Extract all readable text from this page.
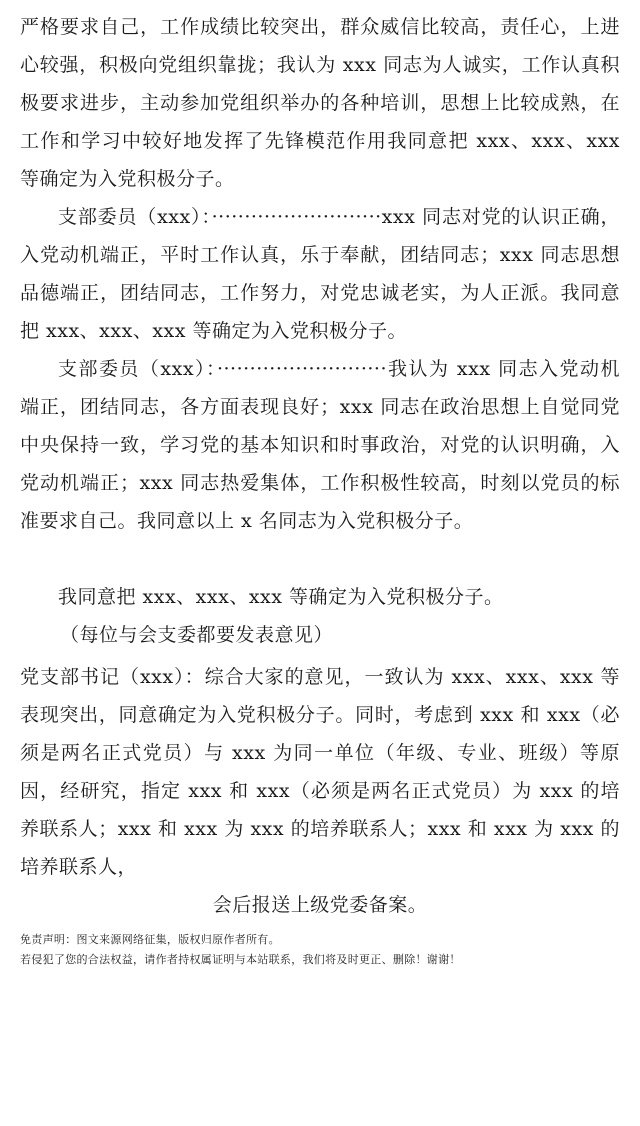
严格要求自己，工作成绩比较突出，群众威信比较高，责任心，上进心较强，积极向党组织靠拢；我认为 xxx 同志为人诚实，工作认真积极要求进步，主动参加党组织举办的各种培训，思想上比较成熟，在工作和学习中较好地发挥了先锋模范作用我同意把 xxx、xxx、xxx 等确定为入党积极分子。

支部委员（xxx）：··························xxx 同志对党的认识正确，入党动机端正，平时工作认真，乐于奉献，团结同志；xxx 同志思想品德端正，团结同志，工作努力，对党忠诚老实，为人正派。我同意把 xxx、xxx、xxx 等确定为入党积极分子。

支部委员（xxx）：··························我认为 xxx 同志入党动机端正，团结同志，各方面表现良好；xxx 同志在政治思想上自觉同党中央保持一致，学习党的基本知识和时事政治，对党的认识明确，入党动机端正；xxx 同志热爱集体，工作积极性较高，时刻以党员的标准要求自己。我同意以上 x 名同志为入党积极分子。

我同意把 xxx、xxx、xxx 等确定为入党积极分子。

（每位与会支委都要发表意见）

党支部书记（xxx）：综合大家的意见，一致认为 xxx、xxx、xxx 等表现突出，同意确定为入党积极分子。同时，考虑到 xxx 和 xxx（必须是两名正式党员）与 xxx 为同一单位（年级、专业、班级）等原因，经研究，指定 xxx 和 xxx（必须是两名正式党员）为 xxx 的培养联系人；xxx 和 xxx 为 xxx 的培养联系人；xxx 和 xxx 为 xxx 的培养联系人，
会后报送上级党委备案。

免责声明：图文来源网络征集，版权归原作者所有。
若侵犯了您的合法权益，请作者持权属证明与本站联系，我们将及时更正、删除！谢谢！
